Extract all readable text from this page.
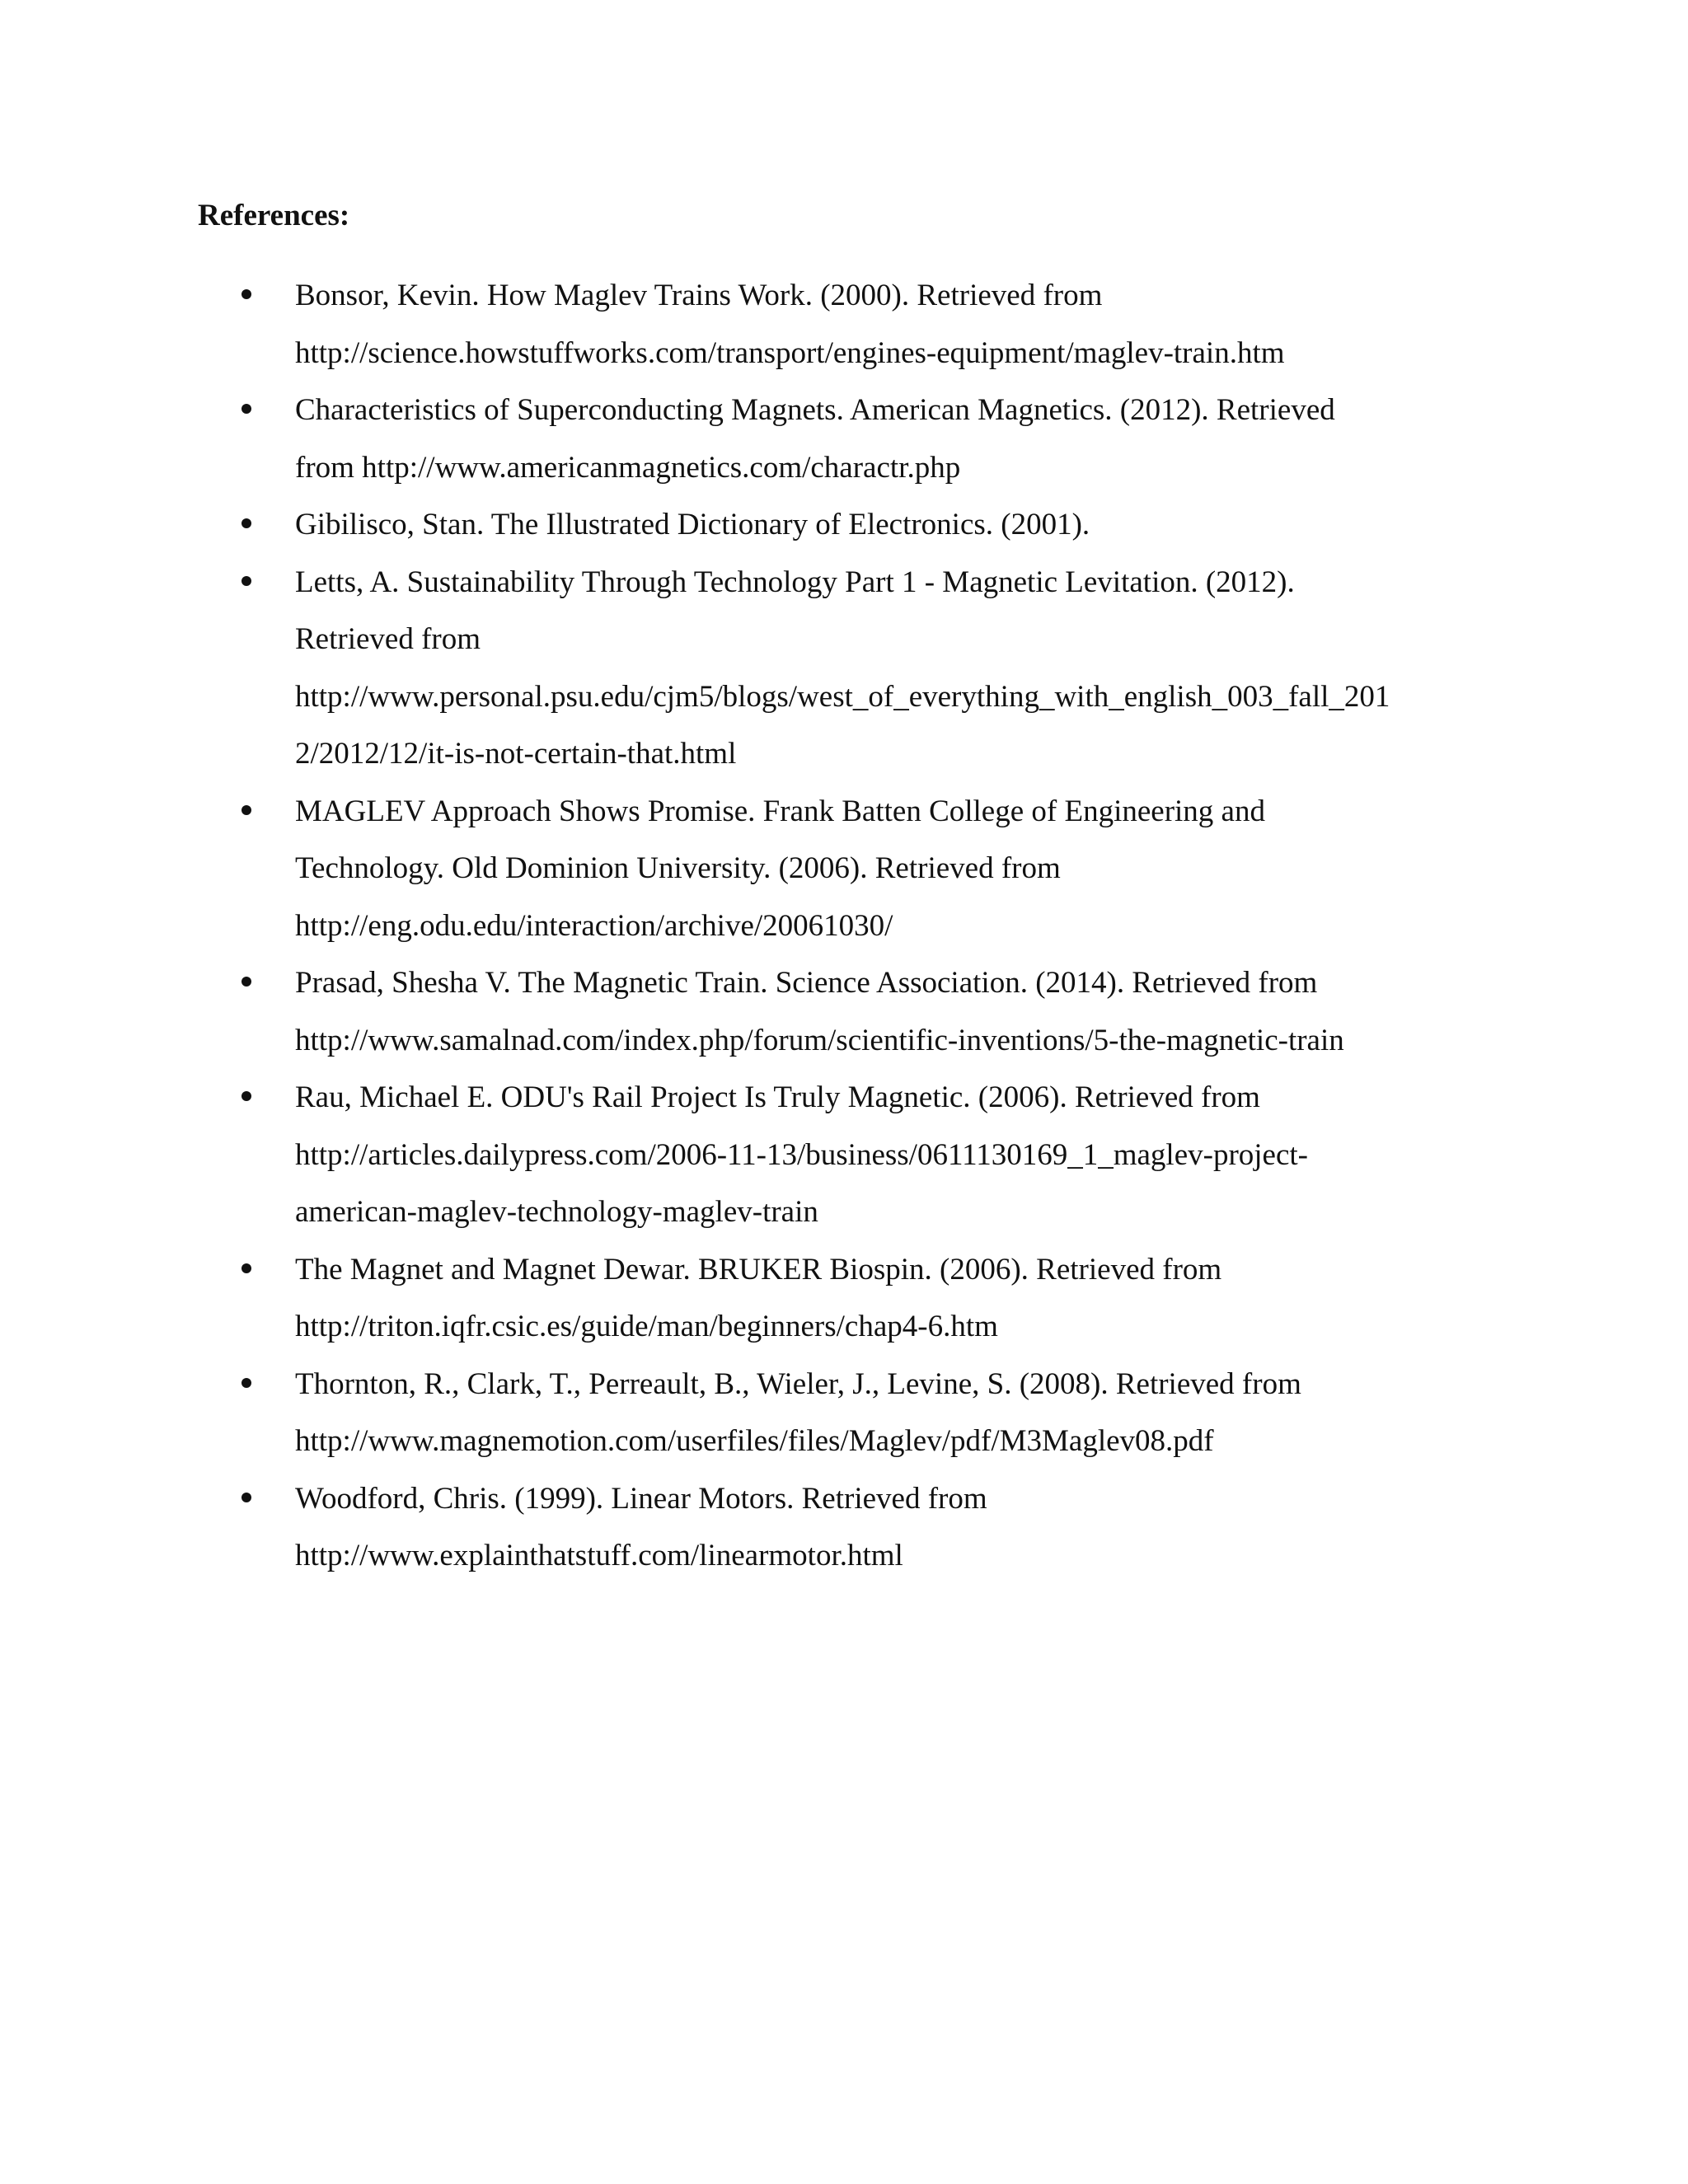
References:
Bonsor, Kevin. How Maglev Trains Work. (2000). Retrieved from
http://science.howstuffworks.com/transport/engines-equipment/maglev-train.htm
Characteristics of Superconducting Magnets. American Magnetics. (2012). Retrieved
from http://www.americanmagnetics.com/charactr.php
Gibilisco, Stan. The Illustrated Dictionary of Electronics. (2001).
Letts, A. Sustainability Through Technology Part 1 - Magnetic Levitation. (2012).
Retrieved from
http://www.personal.psu.edu/cjm5/blogs/west_of_everything_with_english_003_fall_201
2/2012/12/it-is-not-certain-that.html
MAGLEV Approach Shows Promise. Frank Batten College of Engineering and
Technology. Old Dominion University. (2006). Retrieved from
http://eng.odu.edu/interaction/archive/20061030/
Prasad, Shesha V. The Magnetic Train. Science Association. (2014). Retrieved from
http://www.samalnad.com/index.php/forum/scientific-inventions/5-the-magnetic-train
Rau, Michael E. ODU's Rail Project Is Truly Magnetic. (2006). Retrieved from
http://articles.dailypress.com/2006-11-13/business/0611130169_1_maglev-project-
american-maglev-technology-maglev-train
The Magnet and Magnet Dewar. BRUKER Biospin. (2006). Retrieved from
http://triton.iqfr.csic.es/guide/man/beginners/chap4-6.htm
Thornton, R., Clark, T., Perreault, B., Wieler, J., Levine, S. (2008). Retrieved from
http://www.magnemotion.com/userfiles/files/Maglev/pdf/M3Maglev08.pdf
Woodford, Chris. (1999). Linear Motors. Retrieved from
http://www.explainthatstuff.com/linearmotor.html
